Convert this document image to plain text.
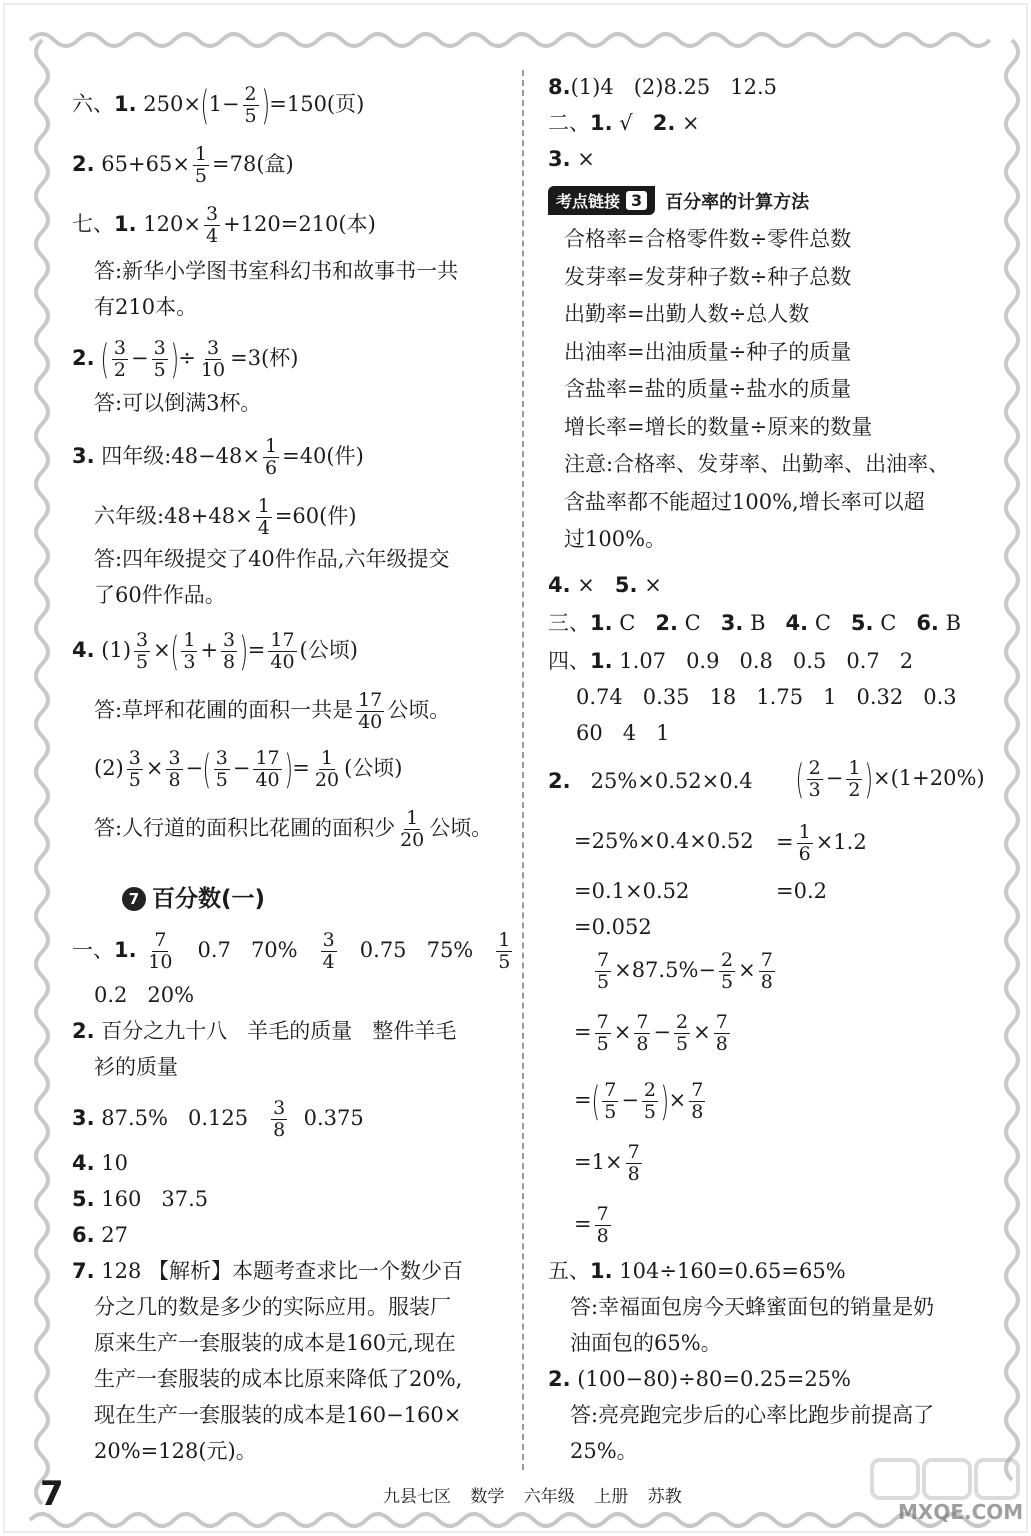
六、1. $250\times(1- \frac{2}{5} )=150$(页)
2. $65+65\times \frac{1}{5} =78$(盒)
七、1. $120\times \frac{3}{4} +120=210$(本)
答:新华小学图书室科幻书和故事书一共
有210本。
2. ( $\frac{3}{2} - \frac{3}{5}$ )÷ $\frac{3}{10} =3$(杯)
答:可以倒满3杯。
3. 四年级:48−48× $\frac{1}{6} =40$(件)
六年级:48+48× $\frac{1}{4} =60$(件)
答:四年级提交了40件作品,六年级提交
了60件作品。
4. $(1) \frac{3}{5}$ ×( $\frac{1}{3} + \frac{3}{8}$ )= $\frac{17}{40}$ (公顷)
答:草坪和花圃的面积一共是 $\frac{17}{40}$ 公顷。
$(2) \frac{3}{5} \times \frac{3}{8}$ −( $\frac{3}{5} - \frac{17}{40}$ )= $\frac{1}{20}$ (公顷)
答:人行道的面积比花圃的面积少 $\frac{1}{20}$ 公顷。
一、1. $\frac{7}{10} 0.7$ $70\% \frac{3}{4} 0.75$ $75\% \frac{1}{5}$
0.2   20%
2. 百分之九十八   羊毛的质量   整件羊毛
衫的质量
3. 87.5%   $0.125 \frac{3}{8} 0.375$
4. 10
5. 160   37.5
6. 27
7. 128 【解析】本题考查求比一个数少百
分之几的数是多少的实际应用。服装厂
原来生产一套服装的成本是160元,现在
生产一套服装的成本比原来降低了20%,
现在生产一套服装的成本是160−160×
20%=128(元)。
7 百分数(一)
8.(1)4   (2)8.25   12.5
二、1. √ 2. ×
3. ×
考点链接 3 百分率的计算方法
合格率=合格零件数÷零件总数
发芽率=发芽种子数÷种子总数
出勤率=出勤人数÷总人数
出油率=出油质量÷种子的质量
含盐率=盐的质量÷盐水的质量
增长率=增长的数量÷原来的数量
注意:合格率、发芽率、出勤率、出油率、
含盐率都不能超过100%,增长率可以超
过100%。
4. × 5. ×
三、1. C 2. C 3. B 4. C 5. C 6. B
四、1. 1.07   0.9   0.8   0.5   0.7   2
0.74   0.35   18   1.75   1   0.32   0.3
60   4   1
2. 25%×0.52×0.4 ( $\frac{2}{3} - \frac{1}{2} )\times(1+20\%)$
$=25\%\times 0.4\times 0.52 = \frac{1}{6} \times 1.2$
=0.1×0.52	=0.2
=0.052
$\frac{7}{5} \times 87.5\%- \frac{2}{5} \times \frac{7}{8}$
= $\frac{7}{5} \times \frac{7}{8} - \frac{2}{5} \times \frac{7}{8}$
=( $\frac{7}{5} - \frac{2}{5}$ )× $\frac{7}{8}$
$=1\times \frac{7}{8}$
= $\frac{7}{8}$
五、1. 104÷160=0.65=65%
答:幸福面包房今天蜂蜜面包的销量是奶
油面包的65%。
2. (100−80)÷80=0.25=25%
答:亮亮跑完步后的心率比跑步前提高了
25%。
7	九县七区 数学 六年级 上册 苏教
MXQE.COM
